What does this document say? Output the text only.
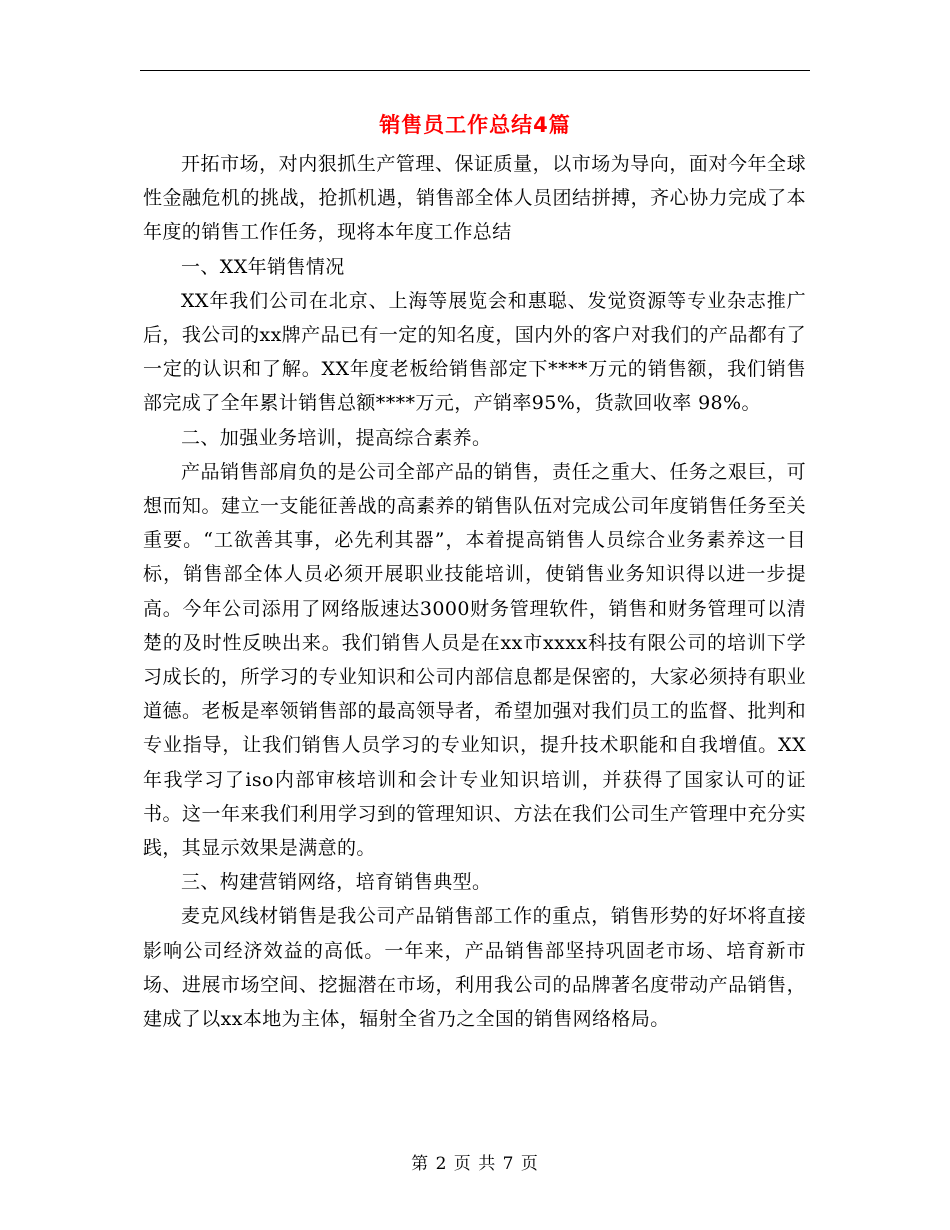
销售员工作总结4篇

开拓市场，对内狠抓生产管理、保证质量，以市场为导向，面对今年全球性金融危机的挑战，抢抓机遇，销售部全体人员团结拼搏，齐心协力完成了本年度的销售工作任务，现将本年度工作总结

一、XX年销售情况

XX年我们公司在北京、上海等展览会和惠聪、发觉资源等专业杂志推广后，我公司的xx牌产品已有一定的知名度，国内外的客户对我们的产品都有了一定的认识和了解。XX年度老板给销售部定下****万元的销售额，我们销售部完成了全年累计销售总额****万元，产销率95%，货款回收率 98%。

二、加强业务培训，提高综合素养。

产品销售部肩负的是公司全部产品的销售，责任之重大、任务之艰巨，可想而知。建立一支能征善战的高素养的销售队伍对完成公司年度销售任务至关重要。“工欲善其事，必先利其器”，本着提高销售人员综合业务素养这一目标，销售部全体人员必须开展职业技能培训，使销售业务知识得以进一步提高。今年公司添用了网络版速达3000财务管理软件，销售和财务管理可以清楚的及时性反映出来。我们销售人员是在xx市xxxx科技有限公司的培训下学习成长的，所学习的专业知识和公司内部信息都是保密的，大家必须持有职业道德。老板是率领销售部的最高领导者，希望加强对我们员工的监督、批判和专业指导，让我们销售人员学习的专业知识，提升技术职能和自我增值。XX年我学习了iso内部审核培训和会计专业知识培训，并获得了国家认可的证书。这一年来我们利用学习到的管理知识、方法在我们公司生产管理中充分实践，其显示效果是满意的。

三、构建营销网络，培育销售典型。

麦克风线材销售是我公司产品销售部工作的重点，销售形势的好坏将直接影响公司经济效益的高低。一年来，产品销售部坚持巩固老市场、培育新市场、进展市场空间、挖掘潜在市场，利用我公司的品牌著名度带动产品销售，建成了以xx本地为主体，辐射全省乃之全国的销售网络格局。

第 2 页 共 7 页
